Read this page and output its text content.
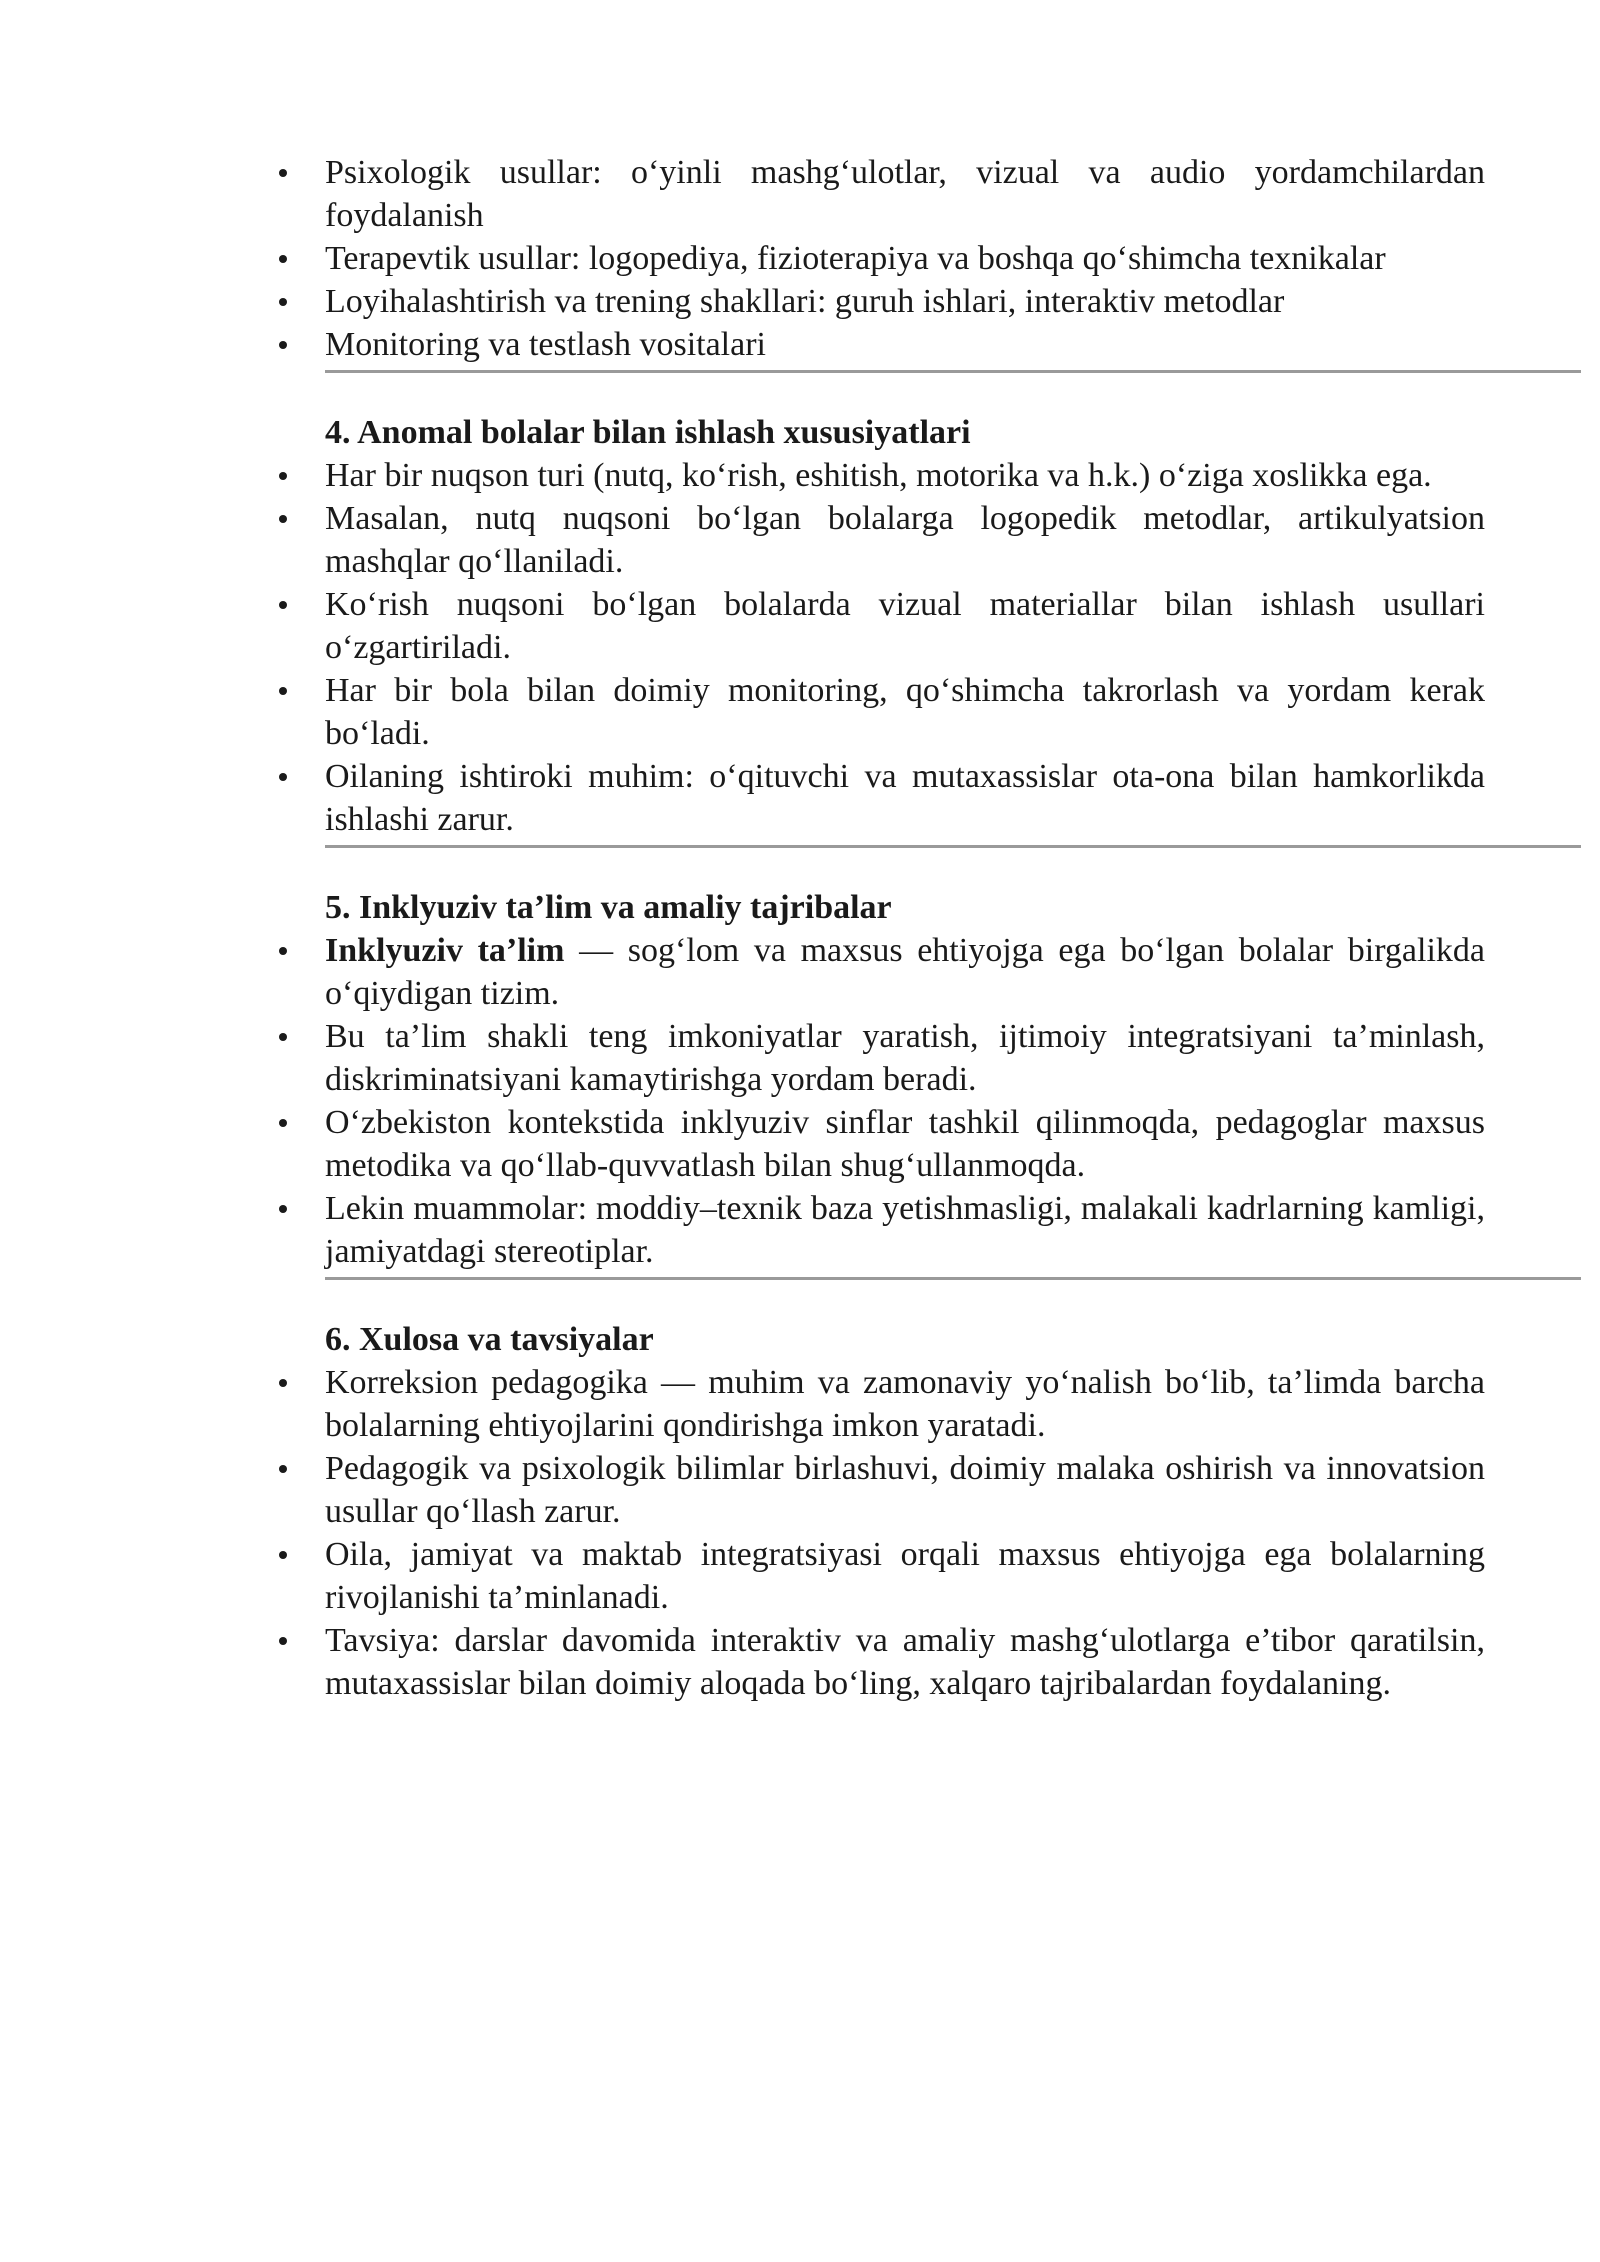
Psixologik usullar: o‘yinli mashg‘ulotlar, vizual va audio yordamchilardan foydalanish
Terapevtik usullar: logopediya, fizioterapiya va boshqa qo‘shimcha texnikalar
Loyihalashtirish va trening shakllari: guruh ishlari, interaktiv metodlar
Monitoring va testlash vositalari
4. Anomal bolalar bilan ishlash xususiyatlari
Har bir nuqson turi (nutq, ko‘rish, eshitish, motorika va h.k.) o‘ziga xoslikka ega.
Masalan, nutq nuqsoni bo‘lgan bolalarga logopedik metodlar, artikulyatsion mashqlar qo‘llaniladi.
Ko‘rish nuqsoni bo‘lgan bolalarda vizual materiallar bilan ishlash usullari o‘zgartiriladi.
Har bir bola bilan doimiy monitoring, qo‘shimcha takrorlash va yordam kerak bo‘ladi.
Oilaning ishtiroki muhim: o‘qituvchi va mutaxassislar ota-ona bilan hamkorlikda ishlashi zarur.
5. Inklyuziv ta’lim va amaliy tajribalar
Inklyuziv ta’lim — sog‘lom va maxsus ehtiyojga ega bo‘lgan bolalar birgalikda o‘qiydigan tizim.
Bu ta’lim shakli teng imkoniyatlar yaratish, ijtimoiy integratsiyani ta’minlash, diskriminatsiyani kamaytirishga yordam beradi.
O‘zbekiston kontekstida inklyuziv sinflar tashkil qilinmoqda, pedagoglar maxsus metodika va qo‘llab-quvvatlash bilan shug‘ullanmoqda.
Lekin muammolar: moddiy–texnik baza yetishmasligi, malakali kadrlarning kamligi, jamiyatdagi stereotiplar.
6. Xulosa va tavsiyalar
Korreksion pedagogika — muhim va zamonaviy yo‘nalish bo‘lib, ta’limda barcha bolalarning ehtiyojlarini qondirishga imkon yaratadi.
Pedagogik va psixologik bilimlar birlashuvi, doimiy malaka oshirish va innovatsion usullar qo‘llash zarur.
Oila, jamiyat va maktab integratsiyasi orqali maxsus ehtiyojga ega bolalarning rivojlanishi ta’minlanadi.
Tavsiya: darslar davomida interaktiv va amaliy mashg‘ulotlarga e’tibor qaratilsin, mutaxassislar bilan doimiy aloqada bo‘ling, xalqaro tajribalardan foydalaning.
